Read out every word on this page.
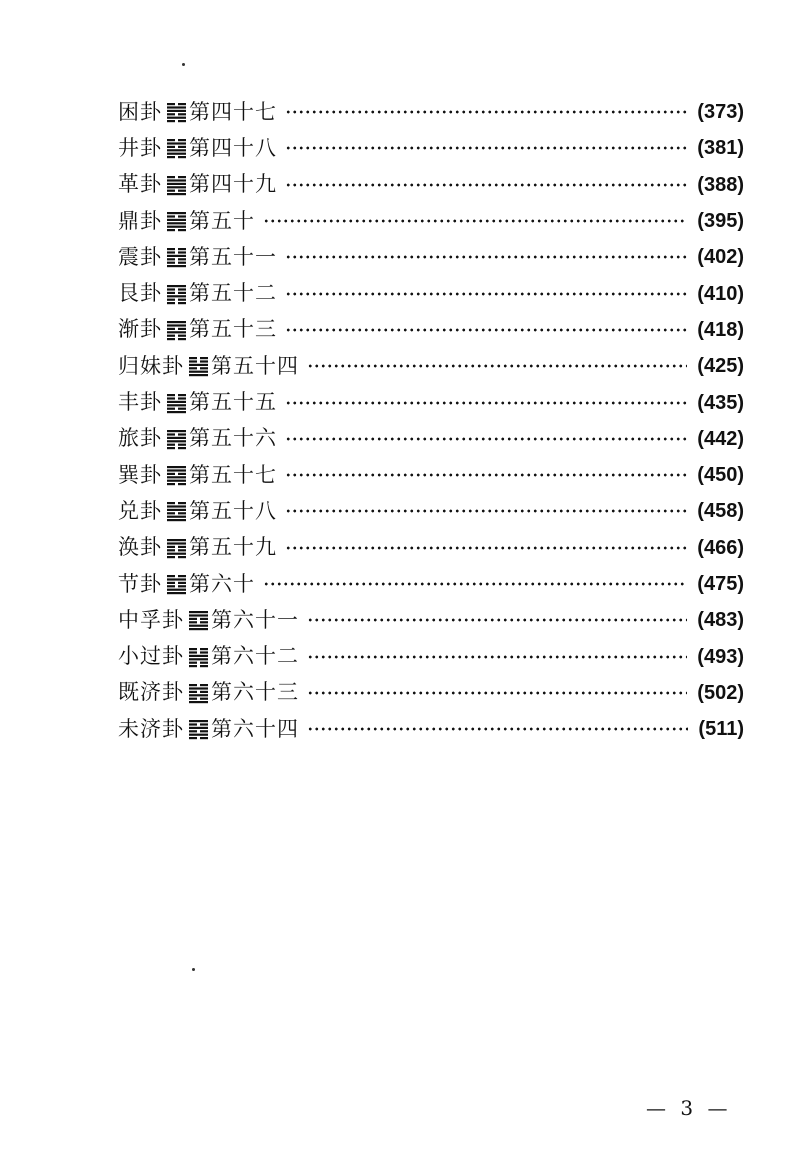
困卦 第四十七	(373)
井卦 第四十八	(381)
革卦 第四十九	(388)
鼎卦 第五十	(395)
震卦 第五十一	(402)
艮卦 第五十二	(410)
渐卦 第五十三	(418)
归妹卦 第五十四	(425)
丰卦 第五十五	(435)
旅卦 第五十六	(442)
巽卦 第五十七	(450)
兑卦 第五十八	(458)
涣卦 第五十九	(466)
节卦 第六十	(475)
中孚卦 第六十一	(483)
小过卦 第六十二	(493)
既济卦 第六十三	(502)
未济卦 第六十四	(511)
— 3 —
